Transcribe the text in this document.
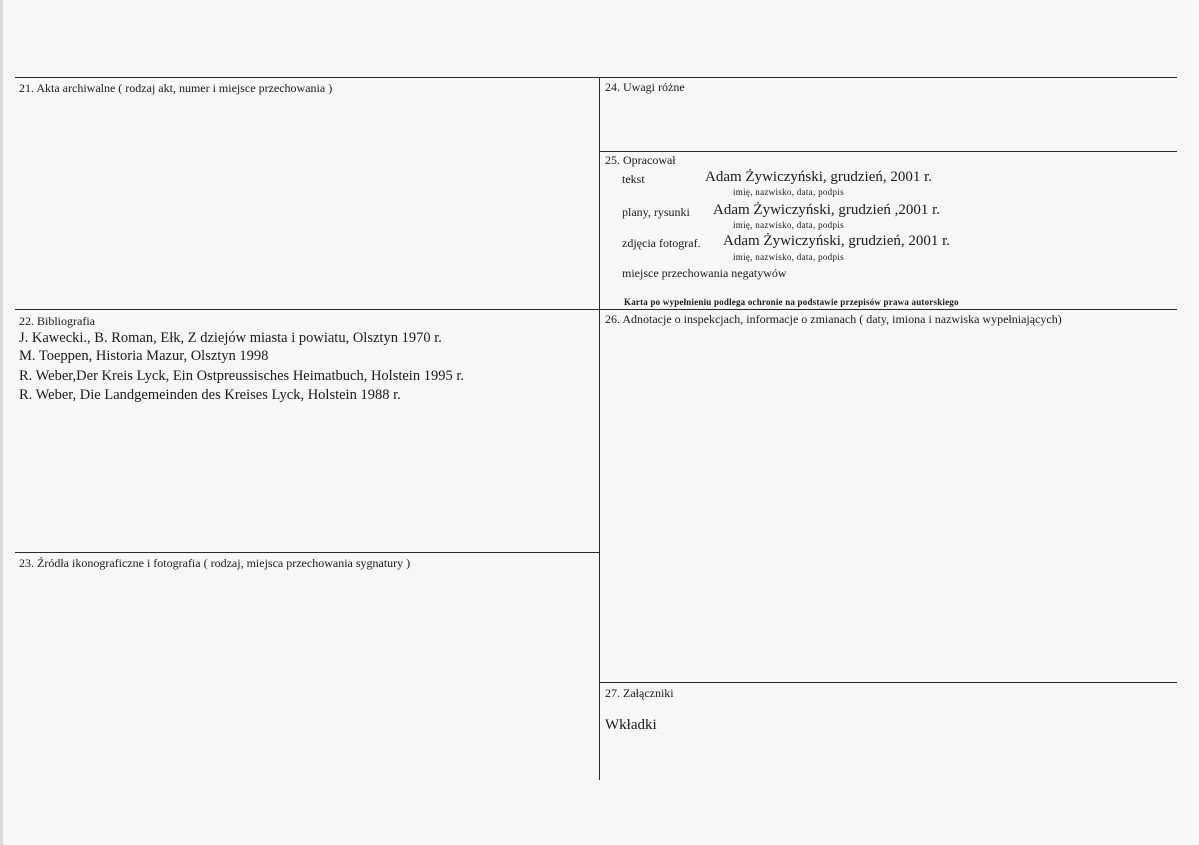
21. Akta archiwalne ( rodzaj akt, numer i miejsce przechowania )
22. Bibliografia
J. Kawecki., B. Roman, Ełk, Z dziejów miasta i powiatu, Olsztyn 1970 r.
M. Toeppen, Historia Mazur, Olsztyn 1998
R. Weber,Der Kreis Lyck, Ein Ostpreussisches Heimatbuch, Holstein 1995 r.
R. Weber, Die Landgemeinden des Kreises Lyck, Holstein 1988 r.
23. Źródła ikonograficzne i fotografia ( rodzaj, miejsca przechowania sygnatury )
24. Uwagi różne
25. Opracował
tekst	Adam Żywiczyński, grudzień, 2001 r.
imię, nazwisko, data, podpis
plany, rysunki Adam Żywiczyński, grudzień ,2001 r.
imię, nazwisko, data, podpis
zdjęcia fotograf. Adam Żywiczyński, grudzień, 2001 r.
imię, nazwisko, data, podpis
miejsce przechowania negatywów
Karta po wypełnieniu podlega ochronie na podstawie przepisów prawa autorskiego
26. Adnotacje o inspekcjach, informacje o zmianach ( daty, imiona i nazwiska wypełniających)
27. Załączniki
Wkładki
